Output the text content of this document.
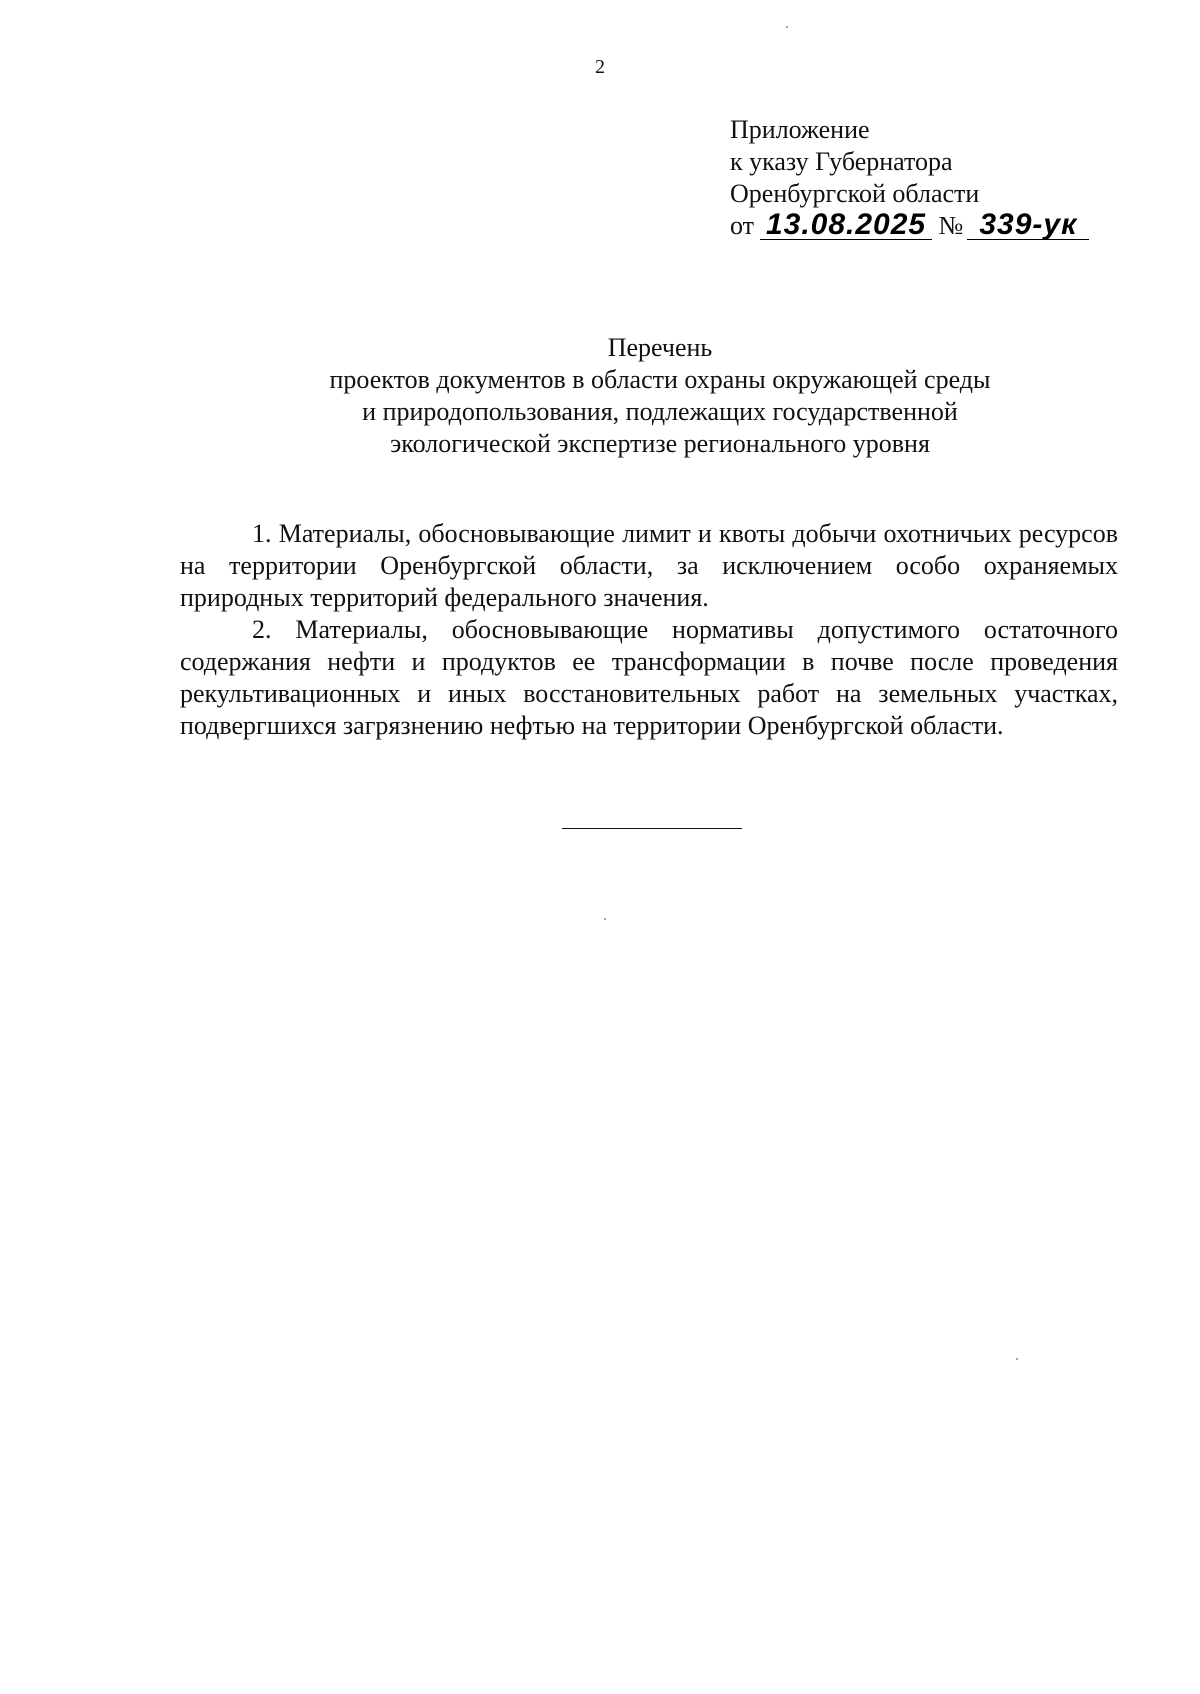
2
Приложение
к указу Губернатора
Оренбургской области
от 13.08.2025 № 339-ук
Перечень
проектов документов в области охраны окружающей среды
и природопользования, подлежащих государственной
экологической экспертизе регионального уровня

1. Материалы, обосновывающие лимит и квоты добычи охотничьих ресурсов на территории Оренбургской области, за исключением особо охраняемых природных территорий федерального значения.

2. Материалы, обосновывающие нормативы допустимого остаточного содержания нефти и продуктов ее трансформации в почве после проведения рекультивационных и иных восстановительных работ на земельных участках, подвергшихся загрязнению нефтью на территории Оренбургской области.
